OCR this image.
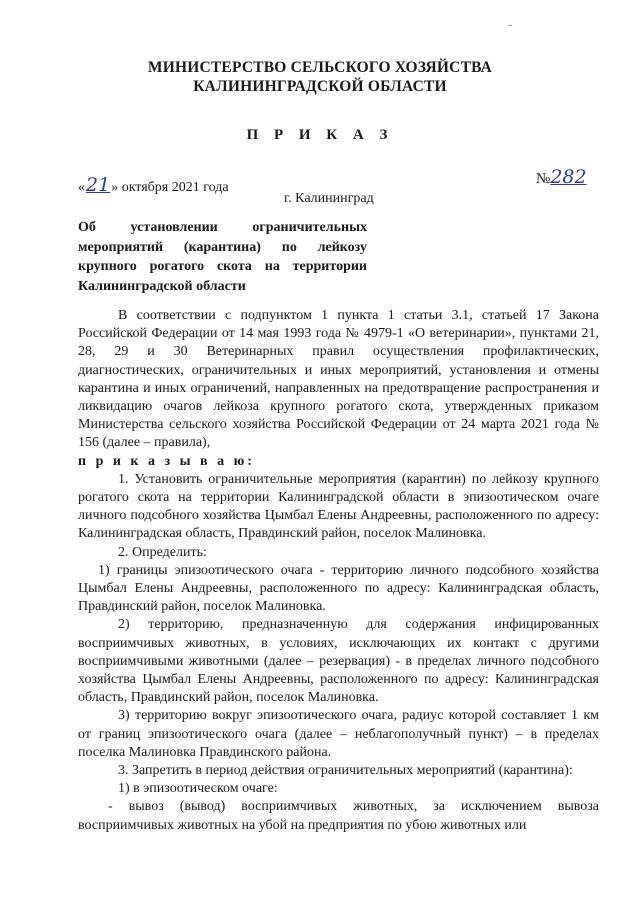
МИНИСТЕРСТВО СЕЛЬСКОГО ХОЗЯЙСТВА
КАЛИНИНГРАДСКОЙ ОБЛАСТИ
П Р И К А З
«21» октября 2021 года
№282
г. Калининград
Об установлении ограничительных мероприятий (карантина) по лейкозу крупного рогатого скота на территории Калининградской области

В соответствии с подпунктом 1 пункта 1 статьи 3.1, статьей 17 Закона Российской Федерации от 14 мая 1993 года № 4979-1 «О ветеринарии», пунктами 21, 28, 29 и 30 Ветеринарных правил осуществления профилактических, диагностических, ограничительных и иных мероприятий, установления и отмены карантина и иных ограничений, направленных на предотвращение распространения и ликвидацию очагов лейкоза крупного рогатого скота, утвержденных приказом Министерства сельского хозяйства Российской Федерации от 24 марта 2021 года № 156 (далее – правила),

п р и к а з ы в а ю:

1. Установить ограничительные мероприятия (карантин) по лейкозу крупного рогатого скота на территории Калининградской области в эпизоотическом очаге личного подсобного хозяйства Цымбал Елены Андреевны, расположенного по адресу: Калининградская область, Правдинский район, поселок Малиновка.

2. Определить:

1) границы эпизоотического очага - территорию личного подсобного хозяйства Цымбал Елены Андреевны, расположенного по адресу: Калининградская область, Правдинский район, поселок Малиновка.

2) территорию, предназначенную для содержания инфицированных восприимчивых животных, в условиях, исключающих их контакт с другими восприимчивыми животными (далее – резервация) - в пределах личного подсобного хозяйства Цымбал Елены Андреевны, расположенного по адресу: Калининградская область, Правдинский район, поселок Малиновка.

3) территорию вокруг эпизоотического очага, радиус которой составляет 1 км от границ эпизоотического очага (далее – неблагополучный пункт) – в пределах поселка Малиновка Правдинского района.

3. Запретить в период действия ограничительных мероприятий (карантина):

1) в эпизоотическом очаге:

- вывоз (вывод) восприимчивых животных, за исключением вывоза восприимчивых животных на убой на предприятия по убою животных или
